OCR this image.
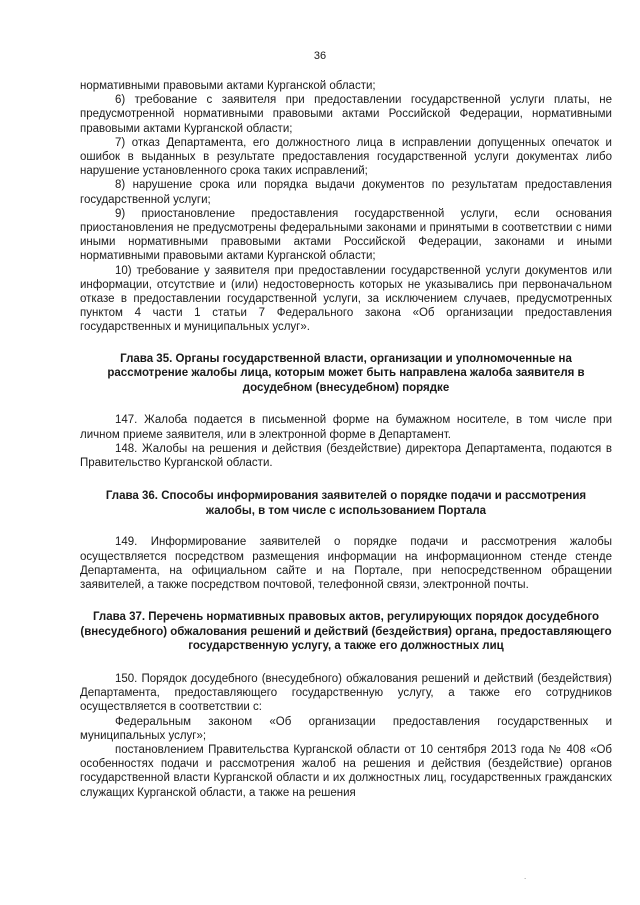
36

нормативными правовыми актами Курганской области;

6) требование с заявителя при предоставлении государственной услуги платы, не предусмотренной нормативными правовыми актами Российской Федерации, нормативными правовыми актами Курганской области;

7) отказ Департамента, его должностного лица в исправлении допущенных опечаток и ошибок в выданных в результате предоставления государственной услуги документах либо нарушение установленного срока таких исправлений;

8) нарушение срока или порядка выдачи документов по результатам предоставления государственной услуги;

9) приостановление предоставления государственной услуги, если основания приостановления не предусмотрены федеральными законами и принятыми в соответствии с ними иными нормативными правовыми актами Российской Федерации, законами и иными нормативными правовыми актами Курганской области;

10) требование у заявителя при предоставлении государственной услуги документов или информации, отсутствие и (или) недостоверность которых не указывались при первоначальном отказе в предоставлении государственной услуги, за исключением случаев, предусмотренных пунктом 4 части 1 статьи 7 Федерального закона «Об организации предоставления государственных и муниципальных услуг».

Глава 35. Органы государственной власти, организации и уполномоченные на рассмотрение жалобы лица, которым может быть направлена жалоба заявителя в досудебном (внесудебном) порядке

147. Жалоба подается в письменной форме на бумажном носителе, в том числе при личном приеме заявителя, или в электронной форме в Департамент.

148. Жалобы на решения и действия (бездействие) директора Департамента, подаются в Правительство Курганской области.

Глава 36. Способы информирования заявителей о порядке подачи и рассмотрения жалобы, в том числе с использованием Портала

149. Информирование заявителей о порядке подачи и рассмотрения жалобы осуществляется посредством размещения информации на информационном стенде стенде Департамента, на официальном сайте и на Портале, при непосредственном обращении заявителей, а также посредством почтовой, телефонной связи, электронной почты.

Глава 37. Перечень нормативных правовых актов, регулирующих порядок досудебного (внесудебного) обжалования решений и действий (бездействия) органа, предоставляющего государственную услугу, а также его должностных лиц

150. Порядок досудебного (внесудебного) обжалования решений и действий (бездействия) Департамента, предоставляющего государственную услугу, а также его сотрудников осуществляется в соответствии с:

Федеральным законом «Об организации предоставления государственных и муниципальных услуг»;

постановлением Правительства Курганской области от 10 сентября 2013 года № 408 «Об особенностях подачи и рассмотрения жалоб на решения и действия (бездействие) органов государственной власти Курганской области и их должностных лиц, государственных гражданских служащих Курганской области, а также на решения

.
